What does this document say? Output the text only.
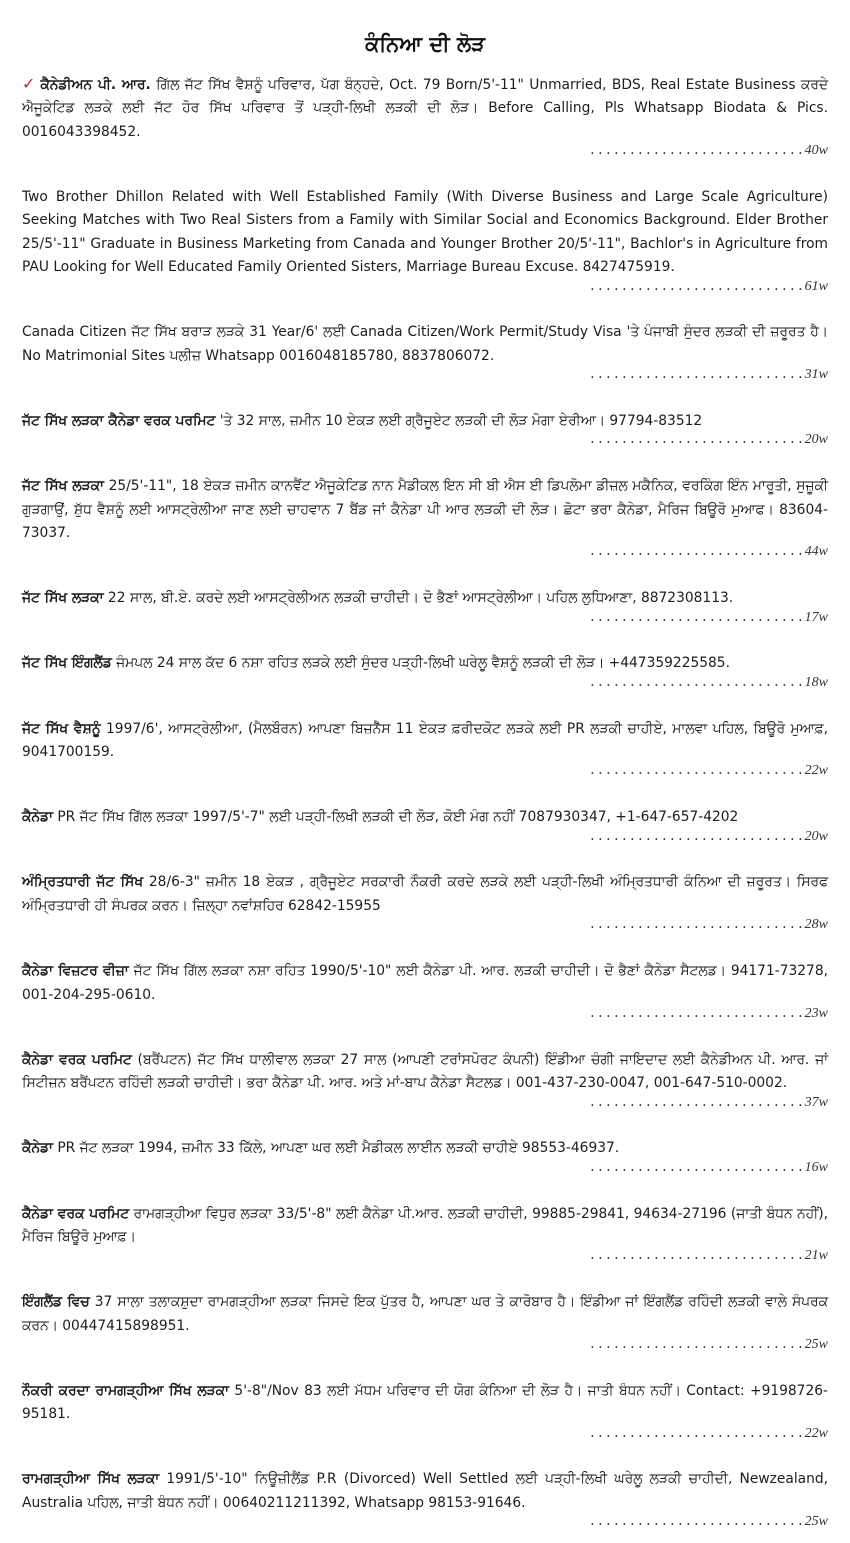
ਕੰਨਿਆ ਦੀ ਲੋੜ
✓ ਕੈਨੇਡੀਅਨ ਪੀ. ਆਰ. ਗਿੱਲ ਜੱਟ ਸਿੱਖ ਵੈਸ਼ਨੂੰ ਪਰਿਵਾਰ, ਪੱਗ ਬੰਨ੍ਹਦੇ, Oct. 79 Born/5'-11" Unmarried, BDS, Real Estate Business ਕਰਦੇ ਐਜੂਕੇਟਿਡ ਲੜਕੇ ਲਈ ਜੱਟ ਹੋਰ ਸਿੱਖ ਪਰਿਵਾਰ ਤੋਂ ਪੜ੍ਹੀ-ਲਿਖੀ ਲੜਕੀ ਦੀ ਲੋੜ। Before Calling, Pls Whatsapp Biodata & Pics. 0016043398452.
...........................40w
Two Brother Dhillon Related with Well Established Family (With Diverse Business and Large Scale Agriculture) Seeking Matches with Two Real Sisters from a Family with Similar Social and Economics Background. Elder Brother 25/5'-11" Graduate in Business Marketing from Canada and Younger Brother 20/5'-11", Bachlor's in Agriculture from PAU Looking for Well Educated Family Oriented Sisters, Marriage Bureau Excuse. 8427475919.
...........................61w
Canada Citizen ਜੱਟ ਸਿੱਖ ਬਰਾੜ ਲੜਕੇ 31 Year/6' ਲਈ Canada Citizen/Work Permit/Study Visa 'ਤੇ ਪੰਜਾਬੀ ਸੁੰਦਰ ਲੜਕੀ ਦੀ ਜ਼ਰੂਰਤ ਹੈ। No Matrimonial Sites ਪਲੀਜ਼ Whatsapp 0016048185780, 8837806072.
...........................31w
ਜੱਟ ਸਿੱਖ ਲੜਕਾ ਕੈਨੇਡਾ ਵਰਕ ਪਰਮਿਟ 'ਤੇ 32 ਸਾਲ, ਜ਼ਮੀਨ 10 ਏਕੜ ਲਈ ਗ੍ਰੈਜੂਏਟ ਲੜਕੀ ਦੀ ਲੋੜ ਮੋਗਾ ਏਰੀਆ। 97794-83512
...........................20w
ਜੱਟ ਸਿੱਖ ਲੜਕਾ 25/5'-11", 18 ਏਕੜ ਜ਼ਮੀਨ ਕਾਨਵੈਂਟ ਐਜੂਕੇਟਿਡ ਨਾਨ ਮੈਡੀਕਲ ਇਨ ਸੀ ਬੀ ਐਸ ਈ ਡਿਪਲੋਮਾ ਡੀਜ਼ਲ ਮਕੈਨਿਕ, ਵਰਕਿੰਗ ਇੰਨ ਮਾਰੂਤੀ, ਸੁਜ਼ੂਕੀ ਗੁੜਗਾਉਂ, ਸ਼ੁੱਧ ਵੈਸ਼ਨੂੰ ਲਈ ਆਸਟ੍ਰੇਲੀਆ ਜਾਣ ਲਈ ਚਾਹਵਾਨ 7 ਬੈਂਡ ਜਾਂ ਕੈਨੇਡਾ ਪੀ ਆਰ ਲੜਕੀ ਦੀ ਲੋੜ। ਛੋਟਾ ਭਰਾ ਕੈਨੇਡਾ, ਮੈਰਿਜ ਬਿਊਰੋ ਮੁਆਫ। 83604-73037.
...........................44w
ਜੱਟ ਸਿੱਖ ਲੜਕਾ 22 ਸਾਲ, ਬੀ.ਏ. ਕਰਦੇ ਲਈ ਆਸਟ੍ਰੇਲੀਅਨ ਲੜਕੀ ਚਾਹੀਦੀ। ਦੋ ਭੈਣਾਂ ਆਸਟ੍ਰੇਲੀਆ। ਪਹਿਲ ਲੁਧਿਆਣਾ, 8872308113.
...........................17w
ਜੱਟ ਸਿੱਖ ਇੰਗਲੈਂਡ ਜੰਮਪਲ 24 ਸਾਲ ਕੱਦ 6 ਨਸ਼ਾ ਰਹਿਤ ਲੜਕੇ ਲਈ ਸੁੰਦਰ ਪੜ੍ਹੀ-ਲਿਖੀ ਘਰੇਲੂ ਵੈਸ਼ਨੂੰ ਲੜਕੀ ਦੀ ਲੋੜ। +447359225585.
...........................18w
ਜੱਟ ਸਿੱਖ ਵੈਸ਼ਨੂੰ 1997/6', ਆਸਟ੍ਰੇਲੀਆ, (ਮੈਲਬੌਰਨ) ਆਪਣਾ ਬਿਜ਼ਨੈੱਸ 11 ਏਕੜ ਫ਼ਰੀਦਕੋਟ ਲੜਕੇ ਲਈ PR ਲੜਕੀ ਚਾਹੀਏ, ਮਾਲਵਾ ਪਹਿਲ, ਬਿਊਰੋ ਮੁਆਫ਼, 9041700159.
...........................22w
ਕੈਨੇਡਾ PR ਜੱਟ ਸਿੱਖ ਗਿੱਲ ਲੜਕਾ 1997/5'-7" ਲਈ ਪੜ੍ਹੀ-ਲਿਖੀ ਲੜਕੀ ਦੀ ਲੋੜ, ਕੋਈ ਮੰਗ ਨਹੀਂ 7087930347, +1-647-657-4202
...........................20w
ਅੰਮ੍ਰਿਤਧਾਰੀ ਜੱਟ ਸਿੱਖ 28/6-3" ਜ਼ਮੀਨ 18 ਏਕੜ , ਗ੍ਰੈਜੂਏਟ ਸਰਕਾਰੀ ਨੌਕਰੀ ਕਰਦੇ ਲੜਕੇ ਲਈ ਪੜ੍ਹੀ-ਲਿਖੀ ਅੰਮ੍ਰਿਤਧਾਰੀ ਕੰਨਿਆ ਦੀ ਜ਼ਰੂਰਤ। ਸਿਰਫ ਅੰਮ੍ਰਿਤਧਾਰੀ ਹੀ ਸੰਪਰਕ ਕਰਨ। ਜ਼ਿਲ੍ਹਾ ਨਵਾਂਸ਼ਹਿਰ 62842-15955
...........................28w
ਕੈਨੇਡਾ ਵਿਜ਼ਟਰ ਵੀਜ਼ਾ ਜੱਟ ਸਿੱਖ ਗਿੱਲ ਲੜਕਾ ਨਸ਼ਾ ਰਹਿਤ 1990/5'-10" ਲਈ ਕੈਨੇਡਾ ਪੀ. ਆਰ. ਲੜਕੀ ਚਾਹੀਦੀ। ਦੋ ਭੈਣਾਂ ਕੈਨੇਡਾ ਸੈਟਲਡ। 94171-73278, 001-204-295-0610.
...........................23w
ਕੈਨੇਡਾ ਵਰਕ ਪਰਮਿਟ (ਬਰੈਂਪਟਨ) ਜੱਟ ਸਿੱਖ ਧਾਲੀਵਾਲ ਲੜਕਾ 27 ਸਾਲ (ਆਪਣੀ ਟਰਾਂਸਪੋਰਟ ਕੰਪਨੀ) ਇੰਡੀਆ ਚੰਗੀ ਜਾਇਦਾਦ ਲਈ ਕੈਨੇਡੀਅਨ ਪੀ. ਆਰ. ਜਾਂ ਸਿਟੀਜ਼ਨ ਬਰੈਂਪਟਨ ਰਹਿੰਦੀ ਲੜਕੀ ਚਾਹੀਦੀ। ਭਰਾ ਕੈਨੇਡਾ ਪੀ. ਆਰ. ਅਤੇ ਮਾਂ-ਬਾਪ ਕੈਨੇਡਾ ਸੈਟਲਡ। 001-437-230-0047, 001-647-510-0002.
...........................37w
ਕੈਨੇਡਾ PR ਜੱਟ ਲੜਕਾ 1994, ਜ਼ਮੀਨ 33 ਕਿੱਲੇ, ਆਪਣਾ ਘਰ ਲਈ ਮੈਡੀਕਲ ਲਾਈਨ ਲੜਕੀ ਚਾਹੀਏ 98553-46937.
...........................16w
ਕੈਨੇਡਾ ਵਰਕ ਪਰਮਿਟ ਰਾਮਗੜ੍ਹੀਆ ਵਿਧੁਰ ਲੜਕਾ 33/5'-8" ਲਈ ਕੈਨੇਡਾ ਪੀ.ਆਰ. ਲੜਕੀ ਚਾਹੀਦੀ, 99885-29841, 94634-27196 (ਜਾਤੀ ਬੰਧਨ ਨਹੀਂ), ਮੈਰਿਜ ਬਿਊਰੋ ਮੁਆਫ਼।
...........................21w
ਇੰਗਲੈਂਡ ਵਿਚ 37 ਸਾਲਾ ਤਲਾਕਸ਼ੁਦਾ ਰਾਮਗੜ੍ਹੀਆ ਲੜਕਾ ਜਿਸਦੇ ਇਕ ਪੁੱਤਰ ਹੈ, ਆਪਣਾ ਘਰ ਤੇ ਕਾਰੋਬਾਰ ਹੈ। ਇੰਡੀਆ ਜਾਂ ਇੰਗਲੈਂਡ ਰਹਿੰਦੀ ਲੜਕੀ ਵਾਲੇ ਸੰਪਰਕ ਕਰਨ। 00447415898951.
...........................25w
ਨੌਕਰੀ ਕਰਦਾ ਰਾਮਗੜ੍ਹੀਆ ਸਿੱਖ ਲੜਕਾ 5'-8"/Nov 83 ਲਈ ਮੱਧਮ ਪਰਿਵਾਰ ਦੀ ਯੋਗ ਕੰਨਿਆ ਦੀ ਲੋੜ ਹੈ। ਜਾਤੀ ਬੰਧਨ ਨਹੀਂ। Contact: +9198726-95181.
...........................22w
ਰਾਮਗੜ੍ਹੀਆ ਸਿੱਖ ਲੜਕਾ 1991/5'-10" ਨਿਊਜ਼ੀਲੈਂਡ P.R (Divorced) Well Settled ਲਈ ਪੜ੍ਹੀ-ਲਿਖੀ ਘਰੇਲੂ ਲੜਕੀ ਚਾਹੀਦੀ, Newzealand, Australia ਪਹਿਲ, ਜਾਤੀ ਬੰਧਨ ਨਹੀਂ। 00640211211392, Whatsapp 98153-91646.
...........................25w
